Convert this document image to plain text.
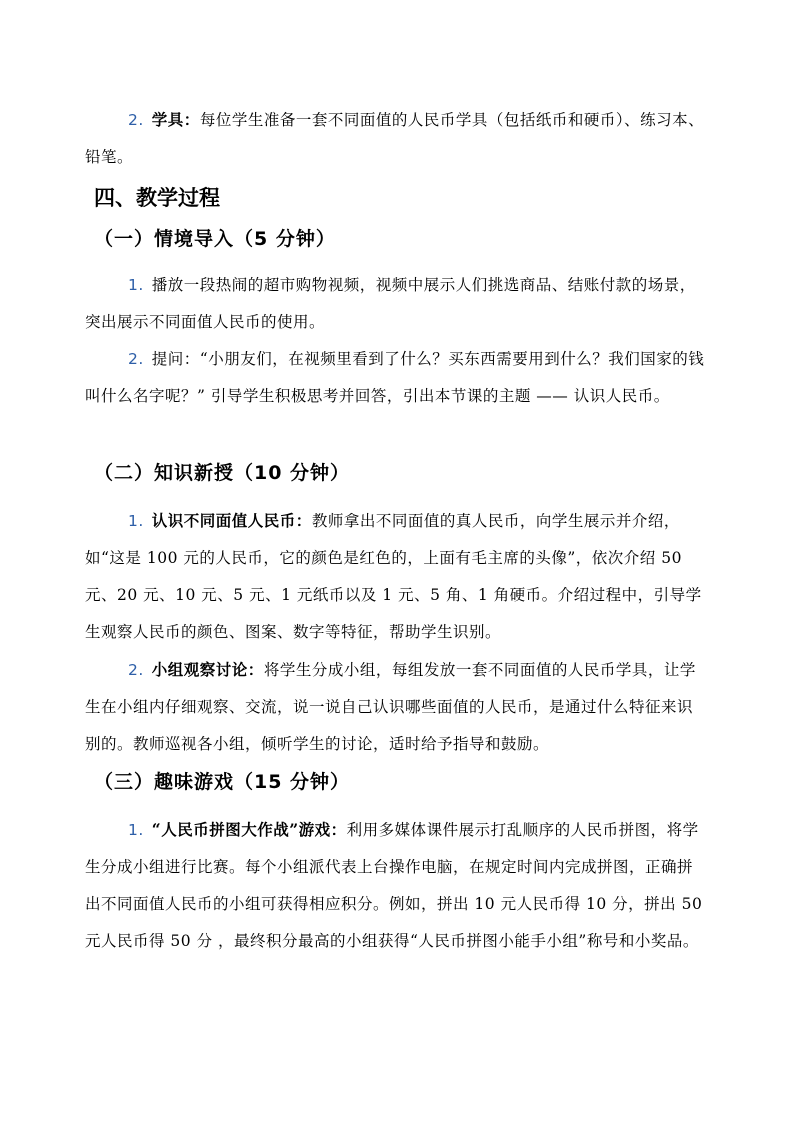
2. 学具：每位学生准备一套不同面值的人民币学具（包括纸币和硬币）、练习本、铅笔。

四、教学过程
（一）情境导入（5 分钟）

1. 播放一段热闹的超市购物视频，视频中展示人们挑选商品、结账付款的场景，突出展示不同面值人民币的使用。

2. 提问：“小朋友们，在视频里看到了什么？买东西需要用到什么？我们国家的钱叫什么名字呢？” 引导学生积极思考并回答，引出本节课的主题 —— 认识人民币。

（二）知识新授（10 分钟）

1. 认识不同面值人民币：教师拿出不同面值的真人民币，向学生展示并介绍，如“这是 100 元的人民币，它的颜色是红色的，上面有毛主席的头像”，依次介绍 50 元、20 元、10 元、5 元、1 元纸币以及 1 元、5 角、1 角硬币。介绍过程中，引导学生观察人民币的颜色、图案、数字等特征，帮助学生识别。

2. 小组观察讨论：将学生分成小组，每组发放一套不同面值的人民币学具，让学生在小组内仔细观察、交流，说一说自己认识哪些面值的人民币，是通过什么特征来识别的。教师巡视各小组，倾听学生的讨论，适时给予指导和鼓励。

（三）趣味游戏（15 分钟）

1. “人民币拼图大作战”游戏：利用多媒体课件展示打乱顺序的人民币拼图，将学生分成小组进行比赛。每个小组派代表上台操作电脑，在规定时间内完成拼图，正确拼出不同面值人民币的小组可获得相应积分。例如，拼出 10 元人民币得 10 分，拼出 50 元人民币得 50 分 ，最终积分最高的小组获得“人民币拼图小能手小组”称号和小奖品。
